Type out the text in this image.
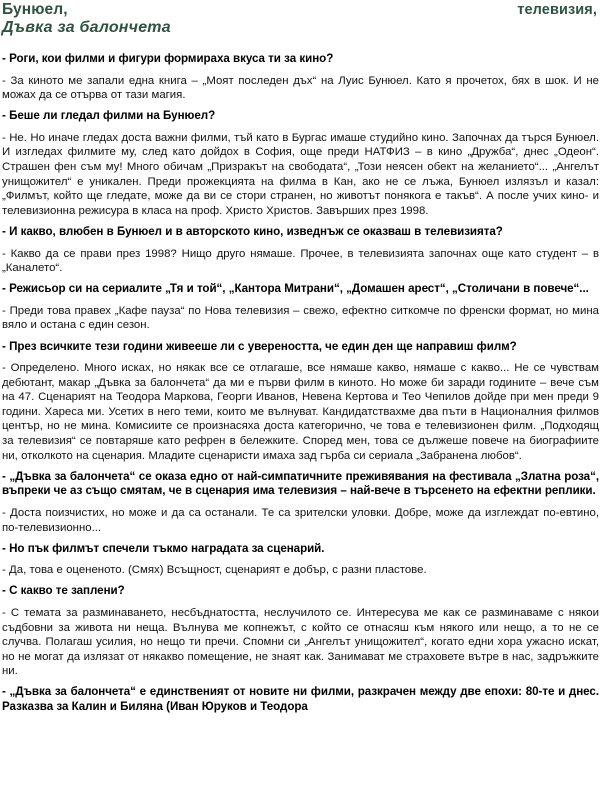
Бунюел,	телевизия,
Дъвка за балончета

- Роги, кои филми и фигури формираха вкуса ти за кино?

- За киното ме запали една книга – „Моят последен дъх“ на Луис Бунюел. Като я прочетох, бях в шок. И не можах да се отърва от тази магия.

- Беше ли гледал филми на Бунюел?

- Не. Но иначе гледах доста важни филми, тъй като в Бургас имаше студийно кино. Започнах да търся Бунюел. И изгледах филмите му, след като дойдох в София, още преди НАТФИЗ – в кино „Дружба“, днес „Одеон“. Страшен фен съм му! Много обичам „Призракът на свободата“, „Този неясен обект на желанието“... „Ангелът унищожител“ е уникален. Преди прожекцията на филма в Кан, ако не се лъжа, Бунюел излязъл и казал: „Филмът, който ще гледате, може да ви се стори странен, но животът понякога е такъв“. А после учих кино- и телевизионна режисура в класа на проф. Христо Христов. Завърших през 1998.

- И какво, влюбен в Бунюел и в авторското кино, изведнъж се оказваш в телевизията?

- Какво да се прави през 1998? Нищо друго нямаше. Прочее, в телевизията започнах още като студент – в „Каналето“.

- Режисьор си на сериалите „Тя и той“, „Кантора Митрани“, „Домашен арест“, „Столичани в повече“...

- Преди това правех „Кафе пауза“ по Нова телевизия – свежо, ефектно ситкомче по френски формат, но мина вяло и остана с един сезон.

- През всичките тези години живееше ли с увереността, че един ден ще направиш филм?

- Определено. Много исках, но някак все се отлагаше, все нямаше какво, нямаше с какво... Не се чувствам дебютант, макар „Дъвка за балончета“ да ми е първи филм в киното. Но може би заради годините – вече съм на 47. Сценарият на Теодора Маркова, Георги Иванов, Невена Кертова и Тео Чепилов дойде при мен преди 9 години. Хареса ми. Усетих в него теми, които ме вълнуват. Кандидатствахме два пъти в Националния филмов център, но не мина. Комисиите се произнасяха доста категорично, че това е телевизионен филм. „Подходящ за телевизия“ се повтаряше като рефрен в бележките. Според мен, това се дължеше повече на биографиите ни, отколкото на сценария. Младите сценаристи имаха зад гърба си сериала „Забранена любов“.

- „Дъвка за балончета“ се оказа едно от най-симпатичните преживявания на фестивала „Златна роза“, въпреки че аз също смятам, че в сценария има телевизия – най-вече в търсенето на ефектни реплики.

- Доста поизчистих, но може и да са останали. Те са зрителски уловки. Добре, може да изглеждат по-евтино, по-телевизионно...

- Но пък филмът спечели тъкмо наградата за сценарий.

- Да, това е оцененото. (Смях) Всъщност, сценарият е добър, с разни пластове.

- С какво те заплени?

- С темата за разминаването, несбъднатостта, неслучилото се. Интересува ме как се разминаваме с някои съдбовни за живота ни неща. Вълнува ме копнежът, с който се отнасяш към някого или нещо, а то не се случва. Полагаш усилия, но нещо ти пречи. Спомни си „Ангелът унищожител“, когато едни хора ужасно искат, но не могат да излязат от някакво помещение, не знаят как. Занимават ме страховете вътре в нас, задръжките ни.

- „Дъвка за балончета“ е единственият от новите ни филми, разкрачен между две епохи: 80-те и днес. Разказва за Калин и Биляна (Иван Юруков и Теодора
